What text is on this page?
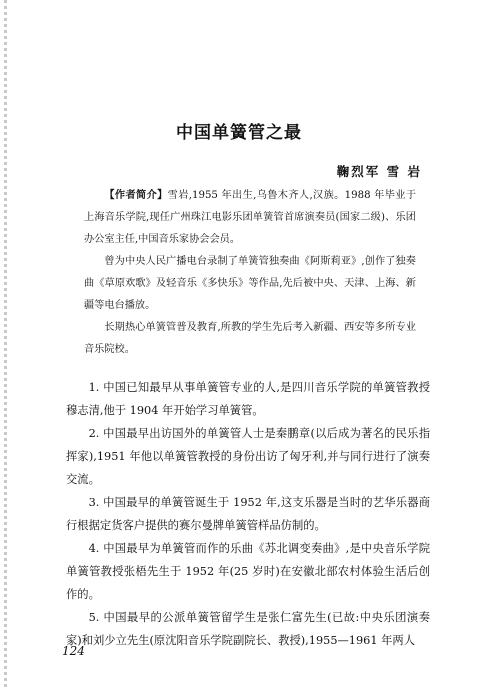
中国单簧管之最
鞠烈军 雪 岩

【作者简介】雪岩,1955 年出生,乌鲁木齐人,汉族。1988 年毕业于上海音乐学院,现任广州珠江电影乐团单簧管首席演奏员(国家二级)、乐团办公室主任,中国音乐家协会会员。

曾为中央人民广播电台录制了单簧管独奏曲《阿斯莉亚》,创作了独奏曲《草原欢歌》及轻音乐《多快乐》等作品,先后被中央、天津、上海、新疆等电台播放。

长期热心单簧管普及教育,所教的学生先后考入新疆、西安等多所专业音乐院校。

1. 中国已知最早从事单簧管专业的人,是四川音乐学院的单簧管教授穆志清,他于 1904 年开始学习单簧管。

2. 中国最早出访国外的单簧管人士是秦鹏章(以后成为著名的民乐指挥家),1951 年他以单簧管教授的身份出访了匈牙利,并与同行进行了演奏交流。

3. 中国最早的单簧管诞生于 1952 年,这支乐器是当时的艺华乐器商行根据定货客户提供的赛尔曼牌单簧管样品仿制的。

4. 中国最早为单簧管而作的乐曲《苏北调变奏曲》,是中央音乐学院单簧管教授张梧先生于 1952 年(25 岁时)在安徽北部农村体验生活后创作的。

5. 中国最早的公派单簧管留学生是张仁富先生(已故:中央乐团演奏家)和刘少立先生(原沈阳音乐学院副院长、教授),1955—1961 年两人

124
